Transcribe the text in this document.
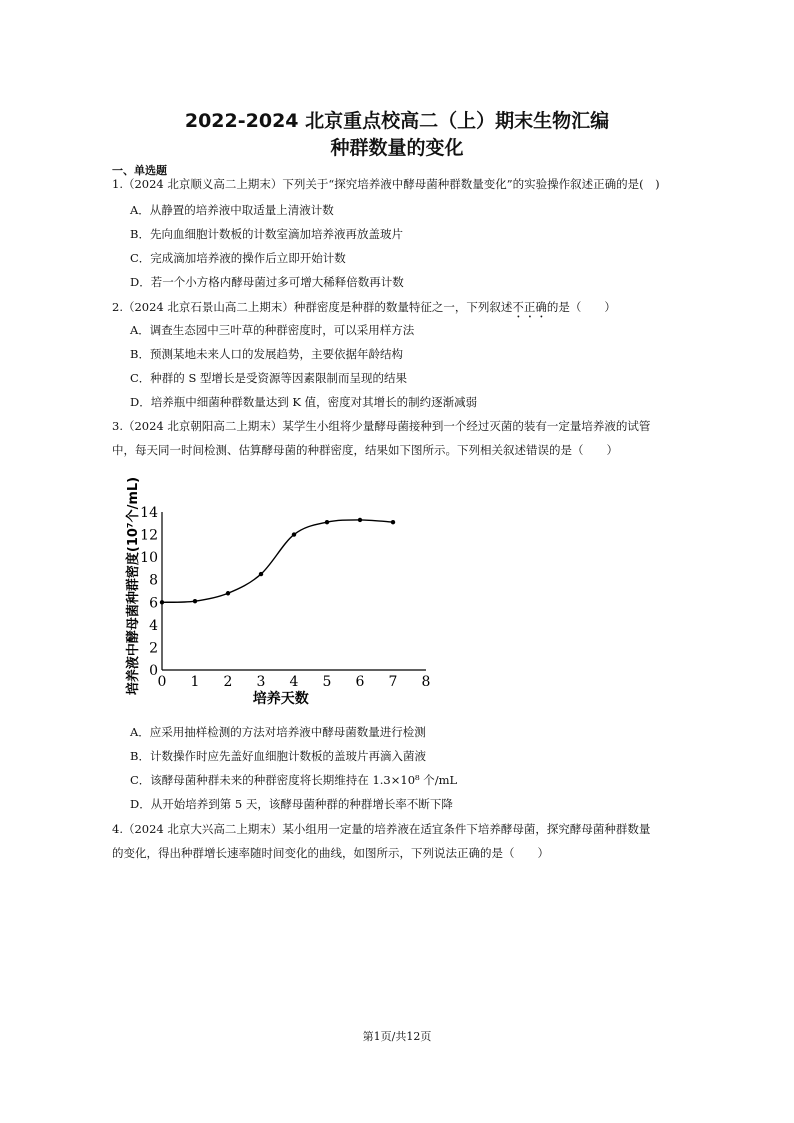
2022-2024 北京重点校高二（上）期末生物汇编
种群数量的变化
一、单选题
1.（2024 北京顺义高二上期末）下列关于“探究培养液中酵母菌种群数量变化”的实验操作叙述正确的是(　)
A．从静置的培养液中取适量上清液计数
B．先向血细胞计数板的计数室滴加培养液再放盖玻片
C．完成滴加培养液的操作后立即开始计数
D．若一个小方格内酵母菌过多可增大稀释倍数再计数
2.（2024 北京石景山高二上期末）种群密度是种群的数量特征之一，下列叙述不正确的是（　　）
A．调查生态园中三叶草的种群密度时，可以采用样方法
B．预测某地未来人口的发展趋势，主要依据年龄结构
C．种群的 S 型增长是受资源等因素限制而呈现的结果
D．培养瓶中细菌种群数量达到 K 值，密度对其增长的制约逐渐减弱
3.（2024 北京朝阳高二上期末）某学生小组将少量酵母菌接种到一个经过灭菌的装有一定量培养液的试管
中，每天同一时间检测、估算酵母菌的种群密度，结果如下图所示。下列相关叙述错误的是（　　）
0 1 2 3 4 5 6 7 8
0
2
4
6
8
10
12
14
培养天数
培养液中酵母菌种群密度(10⁷个/mL)
A．应采用抽样检测的方法对培养液中酵母菌数量进行检测
B．计数操作时应先盖好血细胞计数板的盖玻片再滴入菌液
C．该酵母菌种群未来的种群密度将长期维持在 1.3×10⁸ 个/mL
D．从开始培养到第 5 天，该酵母菌种群的种群增长率不断下降
4.（2024 北京大兴高二上期末）某小组用一定量的培养液在适宜条件下培养酵母菌，探究酵母菌种群数量
的变化，得出种群增长速率随时间变化的曲线，如图所示，下列说法正确的是（　　）
第1页/共12页
